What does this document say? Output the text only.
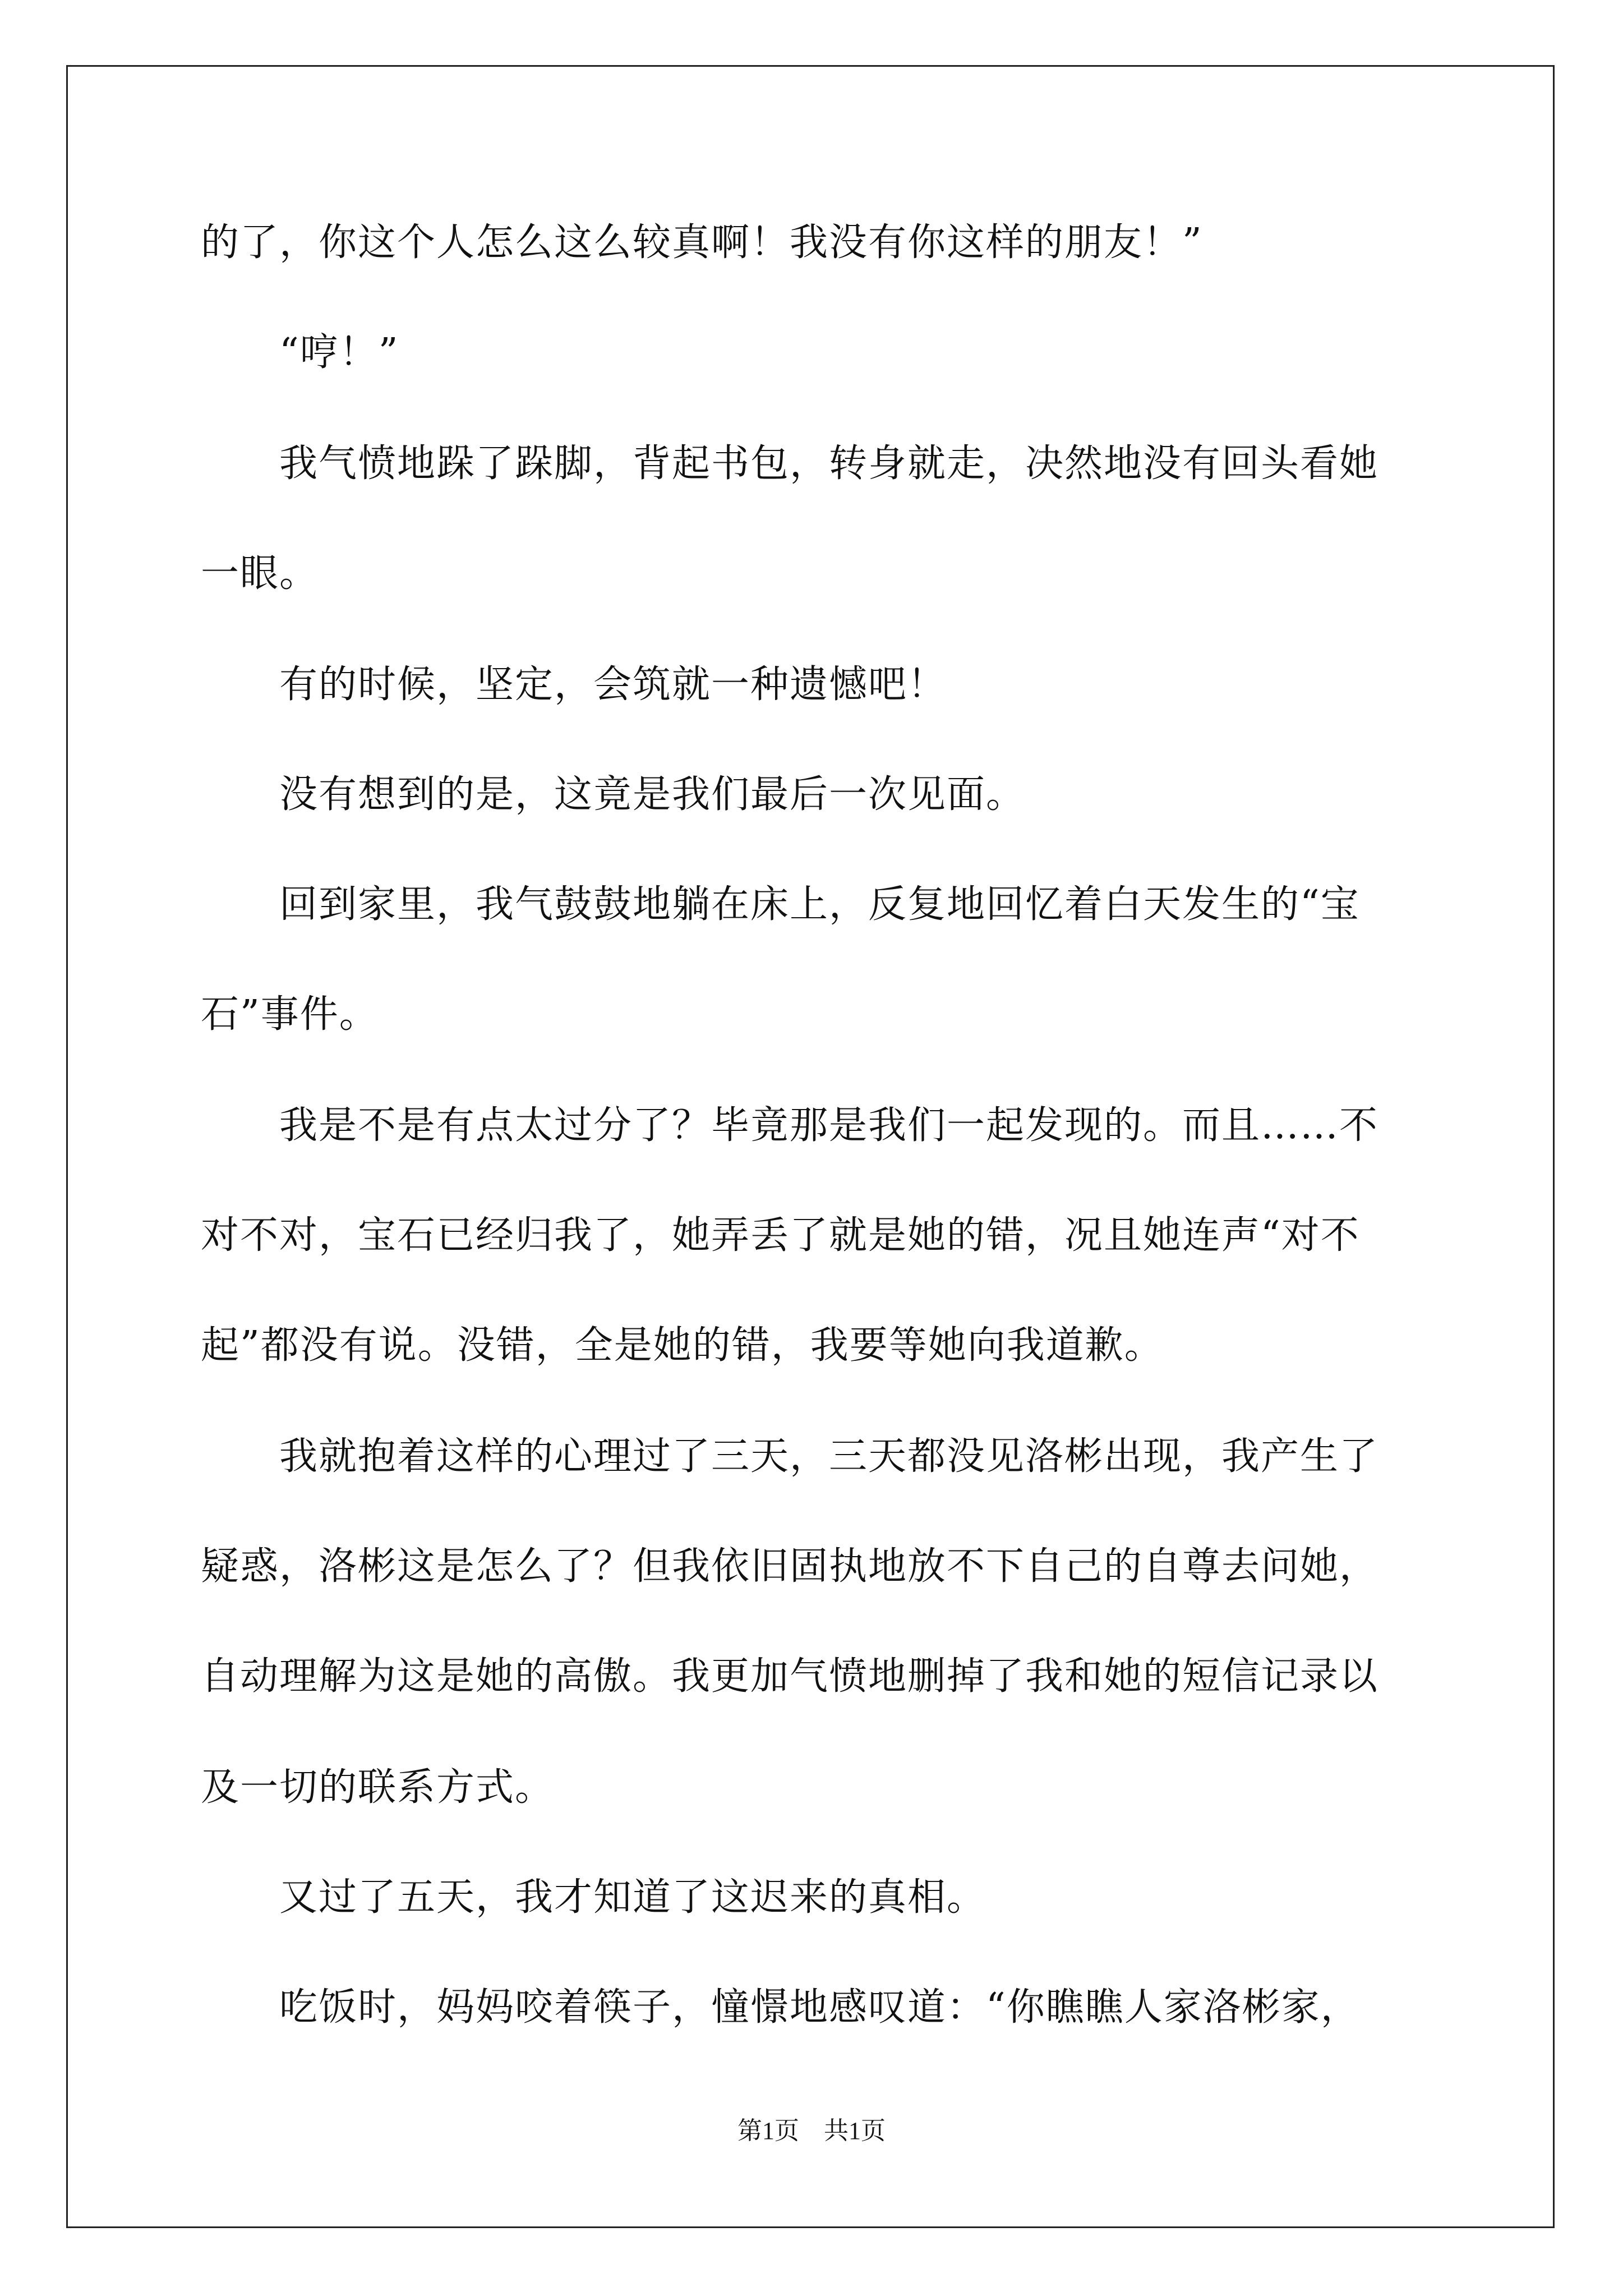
的了，你这个人怎么这么较真啊！我没有你这样的朋友！”
“哼！”
我气愤地跺了跺脚，背起书包，转身就走，决然地没有回头看她
一眼。
有的时候，坚定，会筑就一种遗憾吧！
没有想到的是，这竟是我们最后一次见面。
回到家里，我气鼓鼓地躺在床上，反复地回忆着白天发生的“宝
石”事件。
我是不是有点太过分了？毕竟那是我们一起发现的。而且……不
对不对，宝石已经归我了，她弄丢了就是她的错，况且她连声“对不
起”都没有说。没错，全是她的错，我要等她向我道歉。
我就抱着这样的心理过了三天，三天都没见洛彬出现，我产生了
疑惑，洛彬这是怎么了？但我依旧固执地放不下自己的自尊去问她，
自动理解为这是她的高傲。我更加气愤地删掉了我和她的短信记录以
及一切的联系方式。
又过了五天，我才知道了这迟来的真相。
吃饭时，妈妈咬着筷子，憧憬地感叹道：“你瞧瞧人家洛彬家，
第1页　共1页
